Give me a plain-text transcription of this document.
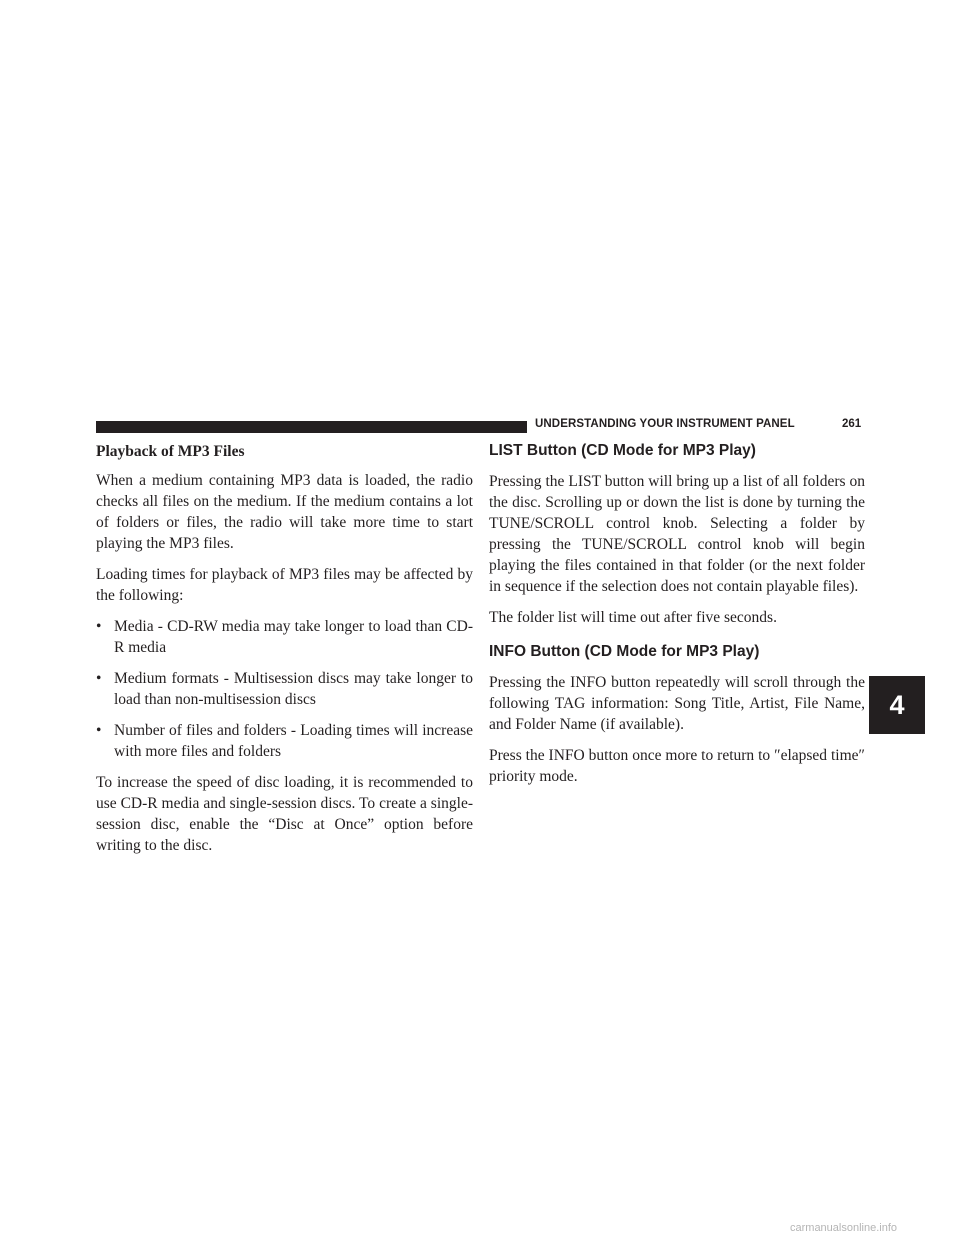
UNDERSTANDING YOUR INSTRUMENT PANEL	261
Playback of MP3 Files

When a medium containing MP3 data is loaded, the radio checks all files on the medium. If the medium contains a lot of folders or files, the radio will take more time to start playing the MP3 files.

Loading times for playback of MP3 files may be affected by the following:

• Media - CD-RW media may take longer to load than CD-R media
• Medium formats - Multisession discs may take longer to load than non-multisession discs
• Number of files and folders - Loading times will increase with more files and folders

To increase the speed of disc loading, it is recommended to use CD-R media and single-session discs. To create a single-session disc, enable the “Disc at Once” option before writing to the disc.

LIST Button (CD Mode for MP3 Play)

Pressing the LIST button will bring up a list of all folders on the disc. Scrolling up or down the list is done by turning the TUNE/SCROLL control knob. Selecting a folder by pressing the TUNE/SCROLL control knob will begin playing the files contained in that folder (or the next folder in sequence if the selection does not contain playable files).

The folder list will time out after five seconds.

INFO Button (CD Mode for MP3 Play)

Pressing the INFO button repeatedly will scroll through the following TAG information: Song Title, Artist, File Name, and Folder Name (if available).

Press the INFO button once more to return to ″elapsed time″ priority mode.

4
carmanualsonline.info
